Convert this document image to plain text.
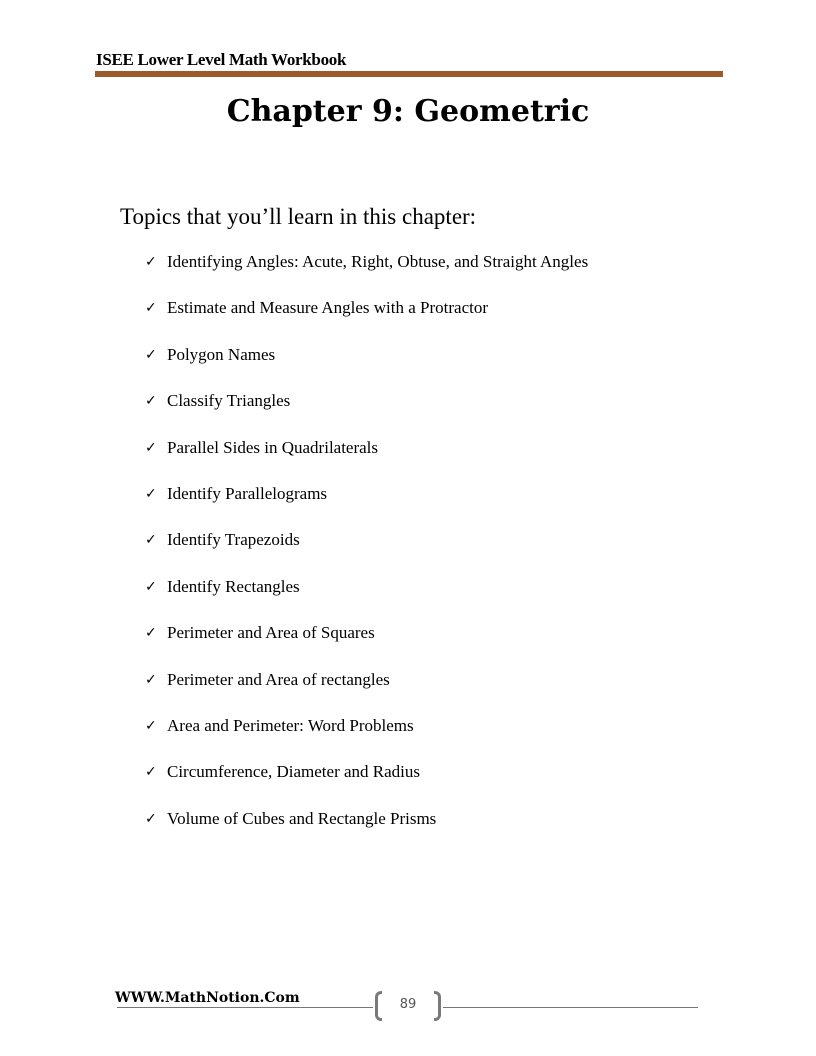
ISEE Lower Level Math Workbook
Chapter 9: Geometric
Topics that you’ll learn in this chapter:
✓ Identifying Angles: Acute, Right, Obtuse, and Straight Angles
✓ Estimate and Measure Angles with a Protractor
✓ Polygon Names
✓ Classify Triangles
✓ Parallel Sides in Quadrilaterals
✓ Identify Parallelograms
✓ Identify Trapezoids
✓ Identify Rectangles
✓ Perimeter and Area of Squares
✓ Perimeter and Area of rectangles
✓ Area and Perimeter: Word Problems
✓ Circumference, Diameter and Radius
✓ Volume of Cubes and Rectangle Prisms
WWW.MathNotion.Com	89
